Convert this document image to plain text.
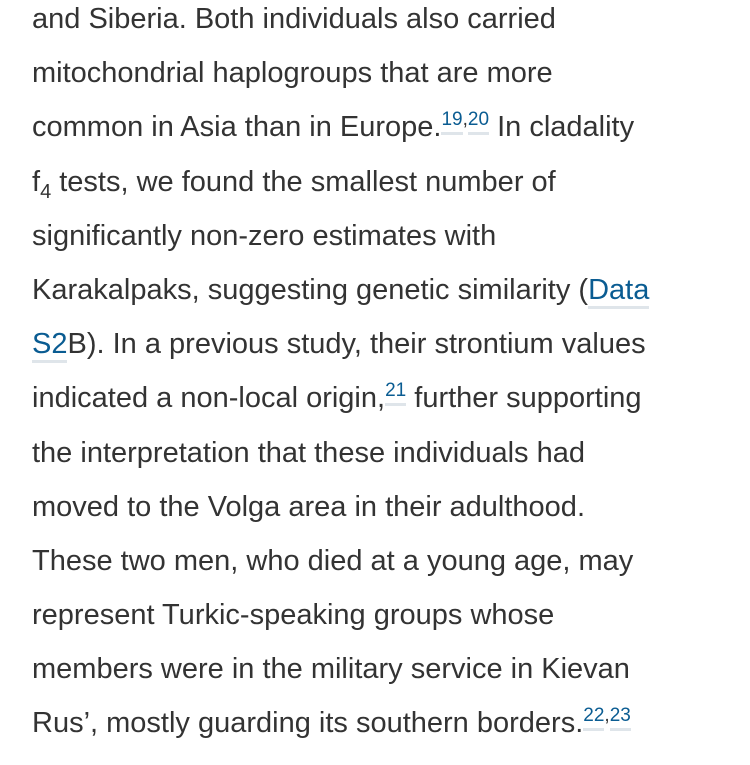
and Siberia. Both individuals also carried
mitochondrial haplogroups that are more
common in Asia than in Europe.$^{19,20}$ In cladality
$f_4$ tests, we found the smallest number of
significantly non-zero estimates with
Karakalpaks, suggesting genetic similarity (Data
S2B). In a previous study, their strontium values
indicated a non-local origin,$^{21}$ further supporting
the interpretation that these individuals had
moved to the Volga area in their adulthood.
These two men, who died at a young age, may
represent Turkic-speaking groups whose
members were in the military service in Kievan
Rus’, mostly guarding its southern borders.$^{22,23}$
